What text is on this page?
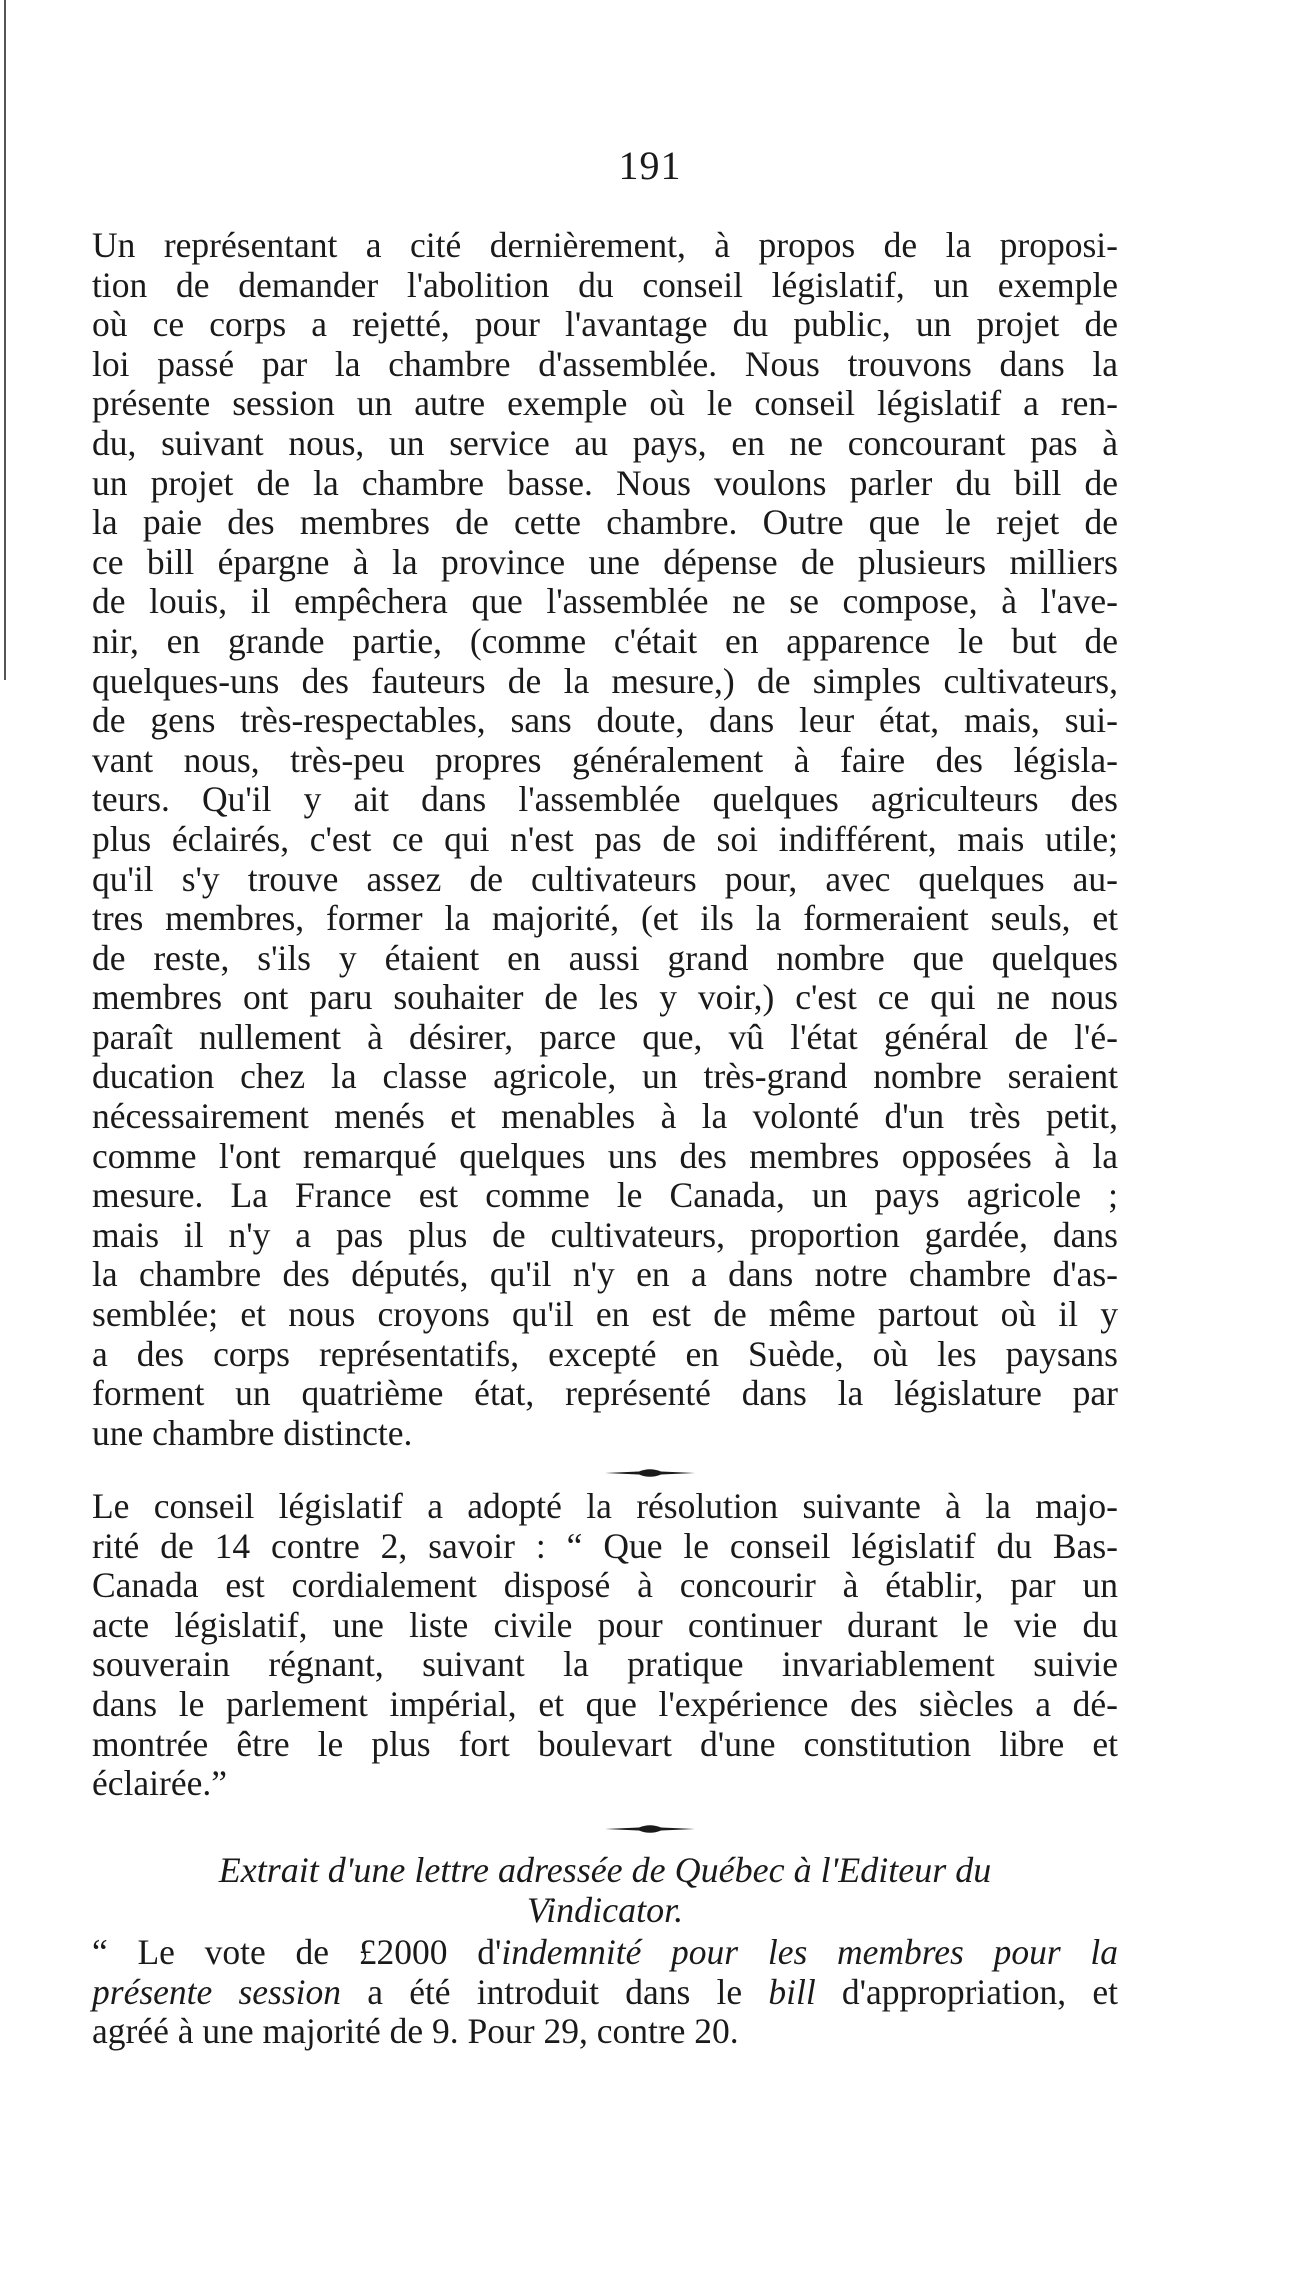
191
Un représentant a cité dernièrement, à propos de la proposi-
tion de demander l'abolition du conseil législatif, un exemple
où ce corps a rejetté, pour l'avantage du public, un projet de
loi passé par la chambre d'assemblée. Nous trouvons dans la
présente session un autre exemple où le conseil législatif a ren-
du, suivant nous, un service au pays, en ne concourant pas à
un projet de la chambre basse. Nous voulons parler du bill de
la paie des membres de cette chambre. Outre que le rejet de
ce bill épargne à la province une dépense de plusieurs milliers
de louis, il empêchera que l'assemblée ne se compose, à l'ave-
nir, en grande partie, (comme c'était en apparence le but de
quelques-uns des fauteurs de la mesure,) de simples cultivateurs,
de gens très-respectables, sans doute, dans leur état, mais, sui-
vant nous, très-peu propres généralement à faire des législa-
teurs. Qu'il y ait dans l'assemblée quelques agriculteurs des
plus éclairés, c'est ce qui n'est pas de soi indifférent, mais utile;
qu'il s'y trouve assez de cultivateurs pour, avec quelques au-
tres membres, former la majorité, (et ils la formeraient seuls, et
de reste, s'ils y étaient en aussi grand nombre que quelques
membres ont paru souhaiter de les y voir,) c'est ce qui ne nous
paraît nullement à désirer, parce que, vû l'état général de l'é-
ducation chez la classe agricole, un très-grand nombre seraient
nécessairement menés et menables à la volonté d'un très petit,
comme l'ont remarqué quelques uns des membres opposées à la
mesure. La France est comme le Canada, un pays agricole ;
mais il n'y a pas plus de cultivateurs, proportion gardée, dans
la chambre des députés, qu'il n'y en a dans notre chambre d'as-
semblée; et nous croyons qu'il en est de même partout où il y
a des corps représentatifs, excepté en Suède, où les paysans
forment un quatrième état, représenté dans la législature par
une chambre distincte.
Le conseil législatif a adopté la résolution suivante à la majo-
rité de 14 contre 2, savoir : “ Que le conseil législatif du Bas-
Canada est cordialement disposé à concourir à établir, par un
acte législatif, une liste civile pour continuer durant le vie du
souverain régnant, suivant la pratique invariablement suivie
dans le parlement impérial, et que l'expérience des siècles a dé-
montrée être le plus fort boulevart d'une constitution libre et
éclairée.”
Extrait d'une lettre adressée de Québec à l'Editeur du
Vindicator.
“ Le vote de £2000 d'indemnité pour les membres pour la
présente session a été introduit dans le bill d'appropriation, et
agréé à une majorité de 9. Pour 29, contre 20.
